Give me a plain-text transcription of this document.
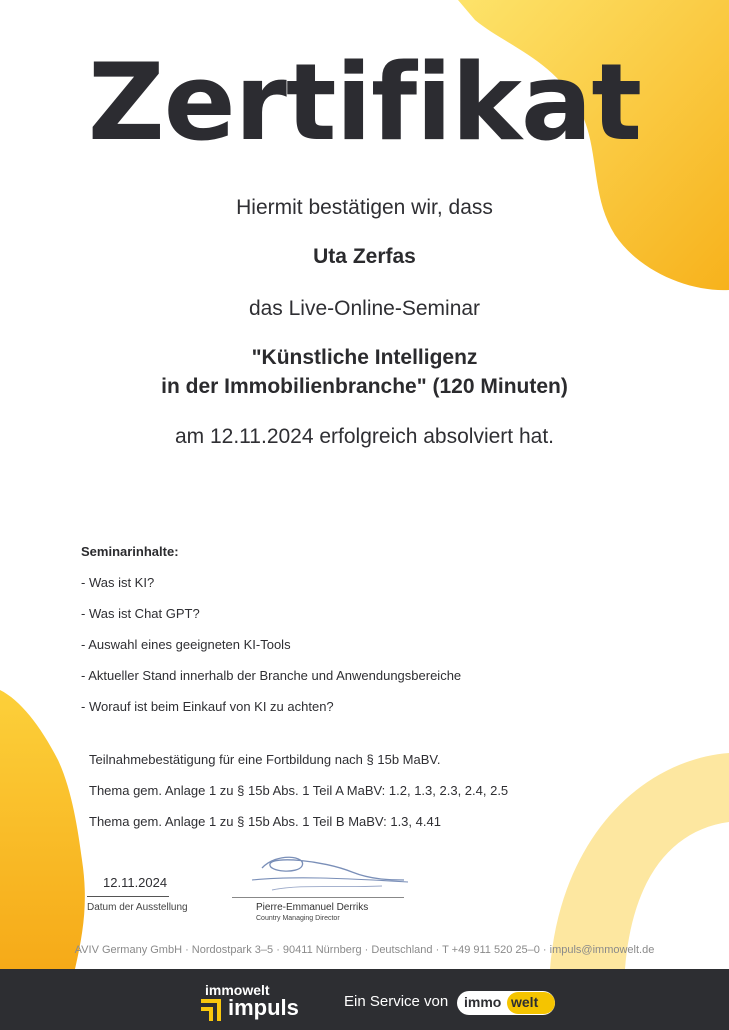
Zertifikat
Hiermit bestätigen wir, dass
Uta Zerfas
das Live-Online-Seminar
"Künstliche Intelligenz
in der Immobilienbranche" (120 Minuten)
am 12.11.2024 erfolgreich absolviert hat.
Seminarinhalte:
- Was ist KI?
- Was ist Chat GPT?
- Auswahl eines geeigneten KI-Tools
- Aktueller Stand innerhalb der Branche und Anwendungsbereiche
- Worauf ist beim Einkauf von KI zu achten?
Teilnahmebestätigung für eine Fortbildung nach § 15b MaBV.
Thema gem. Anlage 1 zu § 15b Abs. 1 Teil A MaBV: 1.2, 1.3, 2.3, 2.4, 2.5
Thema gem. Anlage 1 zu § 15b Abs. 1 Teil B MaBV: 1.3, 4.41
12.11.2024
Datum der Ausstellung	Pierre-Emmanuel Derriks
Country Managing Director
AVIV Germany GmbH · Nordostpark 3–5 · 90411 Nürnberg · Deutschland · T +49 911 520 25–0 · impuls@immowelt.de
immowelt
impuls	Ein Service von immo welt
